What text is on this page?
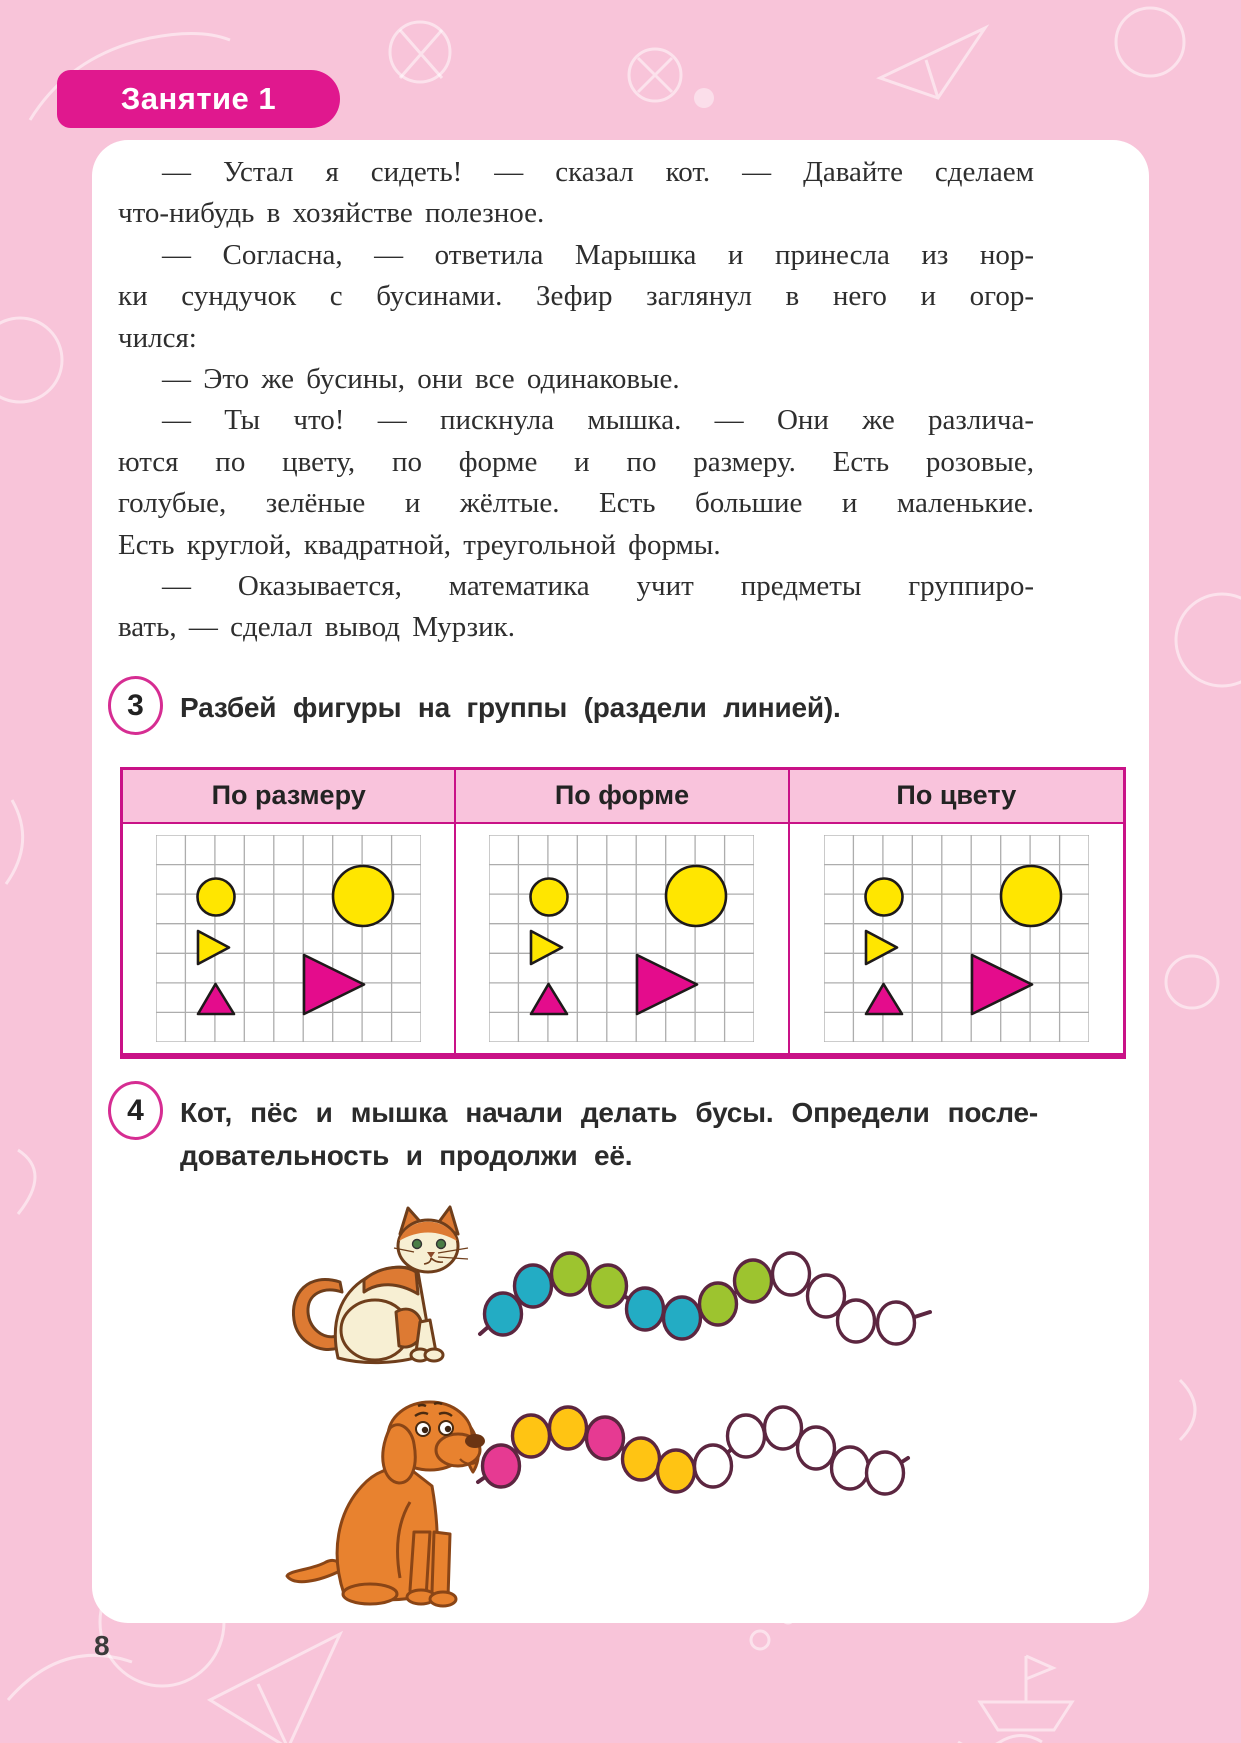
Занятие 1
— Устал я сидеть! — сказал кот. — Давайте сделаем
что-нибудь в хозяйстве полезное.
— Согласна, — ответила Марышка и принесла из нор-
ки сундучок с бусинами. Зефир заглянул в него и огор-
чился:
— Это же бусины, они все одинаковые.
— Ты что! — пискнула мышка. — Они же различа-
ются по цвету, по форме и по размеру. Есть розовые,
голубые, зелёные и жёлтые. Есть большие и маленькие.
Есть круглой, квадратной, треугольной формы.
— Оказывается, математика учит предметы группиро-
вать, — сделал вывод Мурзик.
3 Разбей фигуры на группы (раздели линией).
По размеру	По форме	По цвету
4 Кот, пёс и мышка начали делать бусы. Определи после-
довательность и продолжи её.
8
